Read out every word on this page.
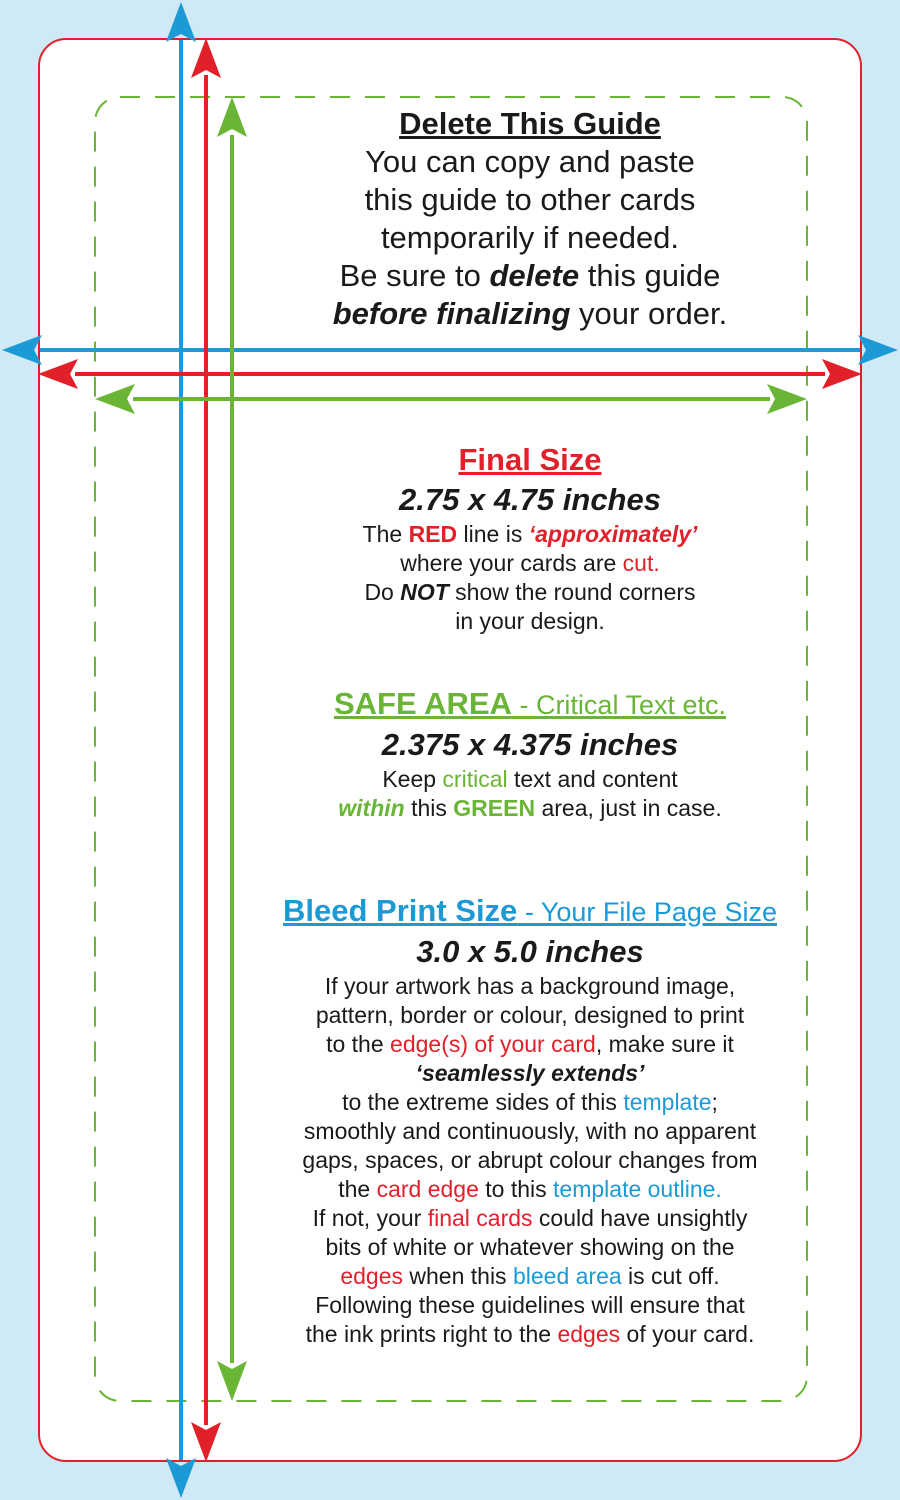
Delete This Guide
You can copy and paste
this guide to other cards
temporarily if needed.
Be sure to delete this guide
before finalizing your order.
Final Size
2.75 x 4.75 inches
The RED line is ‘approximately’
where your cards are cut.
Do NOT show the round corners
in your design.
SAFE AREA - Critical Text etc.
2.375 x 4.375 inches
Keep critical text and content
within this GREEN area, just in case.
Bleed Print Size - Your File Page Size
3.0 x 5.0 inches
If your artwork has a background image,
pattern, border or colour, designed to print
to the edge(s) of your card, make sure it
‘seamlessly extends’
to the extreme sides of this template;
smoothly and continuously, with no apparent
gaps, spaces, or abrupt colour changes from
the card edge to this template outline.
If not, your final cards could have unsightly
bits of white or whatever showing on the
edges when this bleed area is cut off.
Following these guidelines will ensure that
the ink prints right to the edges of your card.
